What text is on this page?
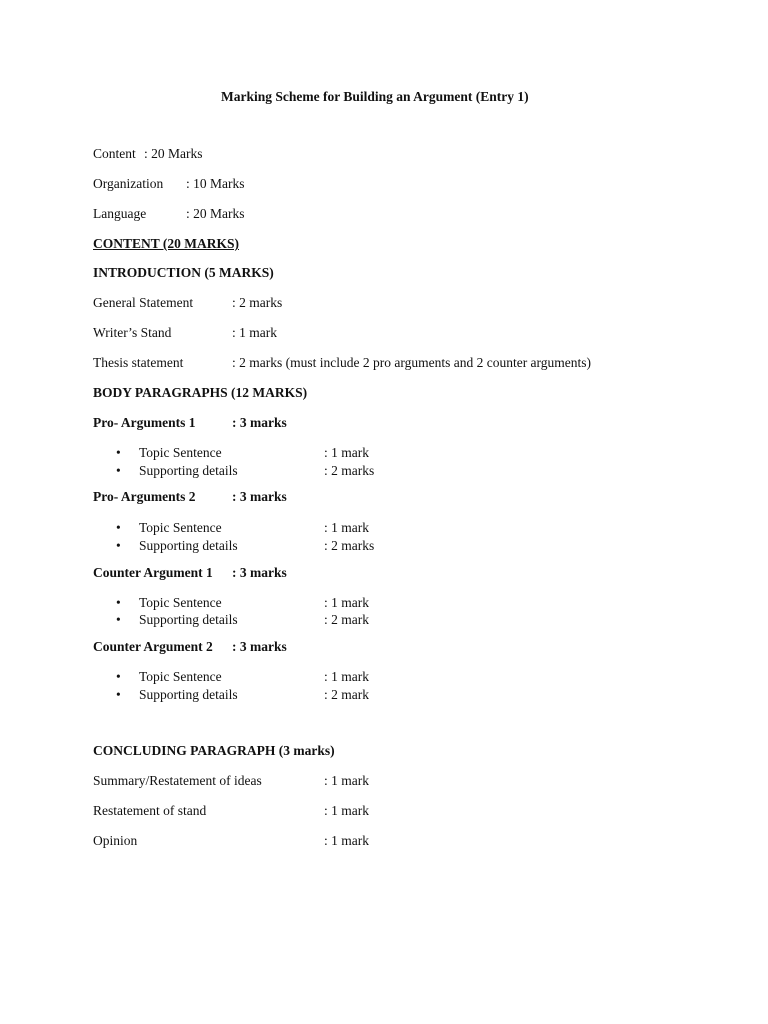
Marking Scheme for Building an Argument (Entry 1)
Content : 20 Marks
Organization : 10 Marks
Language	: 20 Marks
CONTENT (20 MARKS)
INTRODUCTION (5 MARKS)
General Statement	: 2 marks
Writer’s Stand	: 1 mark
Thesis statement	: 2 marks (must include 2 pro arguments and 2 counter arguments)
BODY PARAGRAPHS (12 MARKS)
Pro- Arguments 1	: 3 marks
• Topic Sentence	: 1 mark
• Supporting details	: 2 marks
Pro- Arguments 2	: 3 marks
• Topic Sentence	: 1 mark
• Supporting details	: 2 marks
Counter Argument 1 : 3 marks
• Topic Sentence	: 1 mark
• Supporting details	: 2 mark
Counter Argument 2 : 3 marks
• Topic Sentence	: 1 mark
• Supporting details	: 2 mark
CONCLUDING PARAGRAPH (3 marks)
Summary/Restatement of ideas	: 1 mark
Restatement of stand	: 1 mark
Opinion	: 1 mark
